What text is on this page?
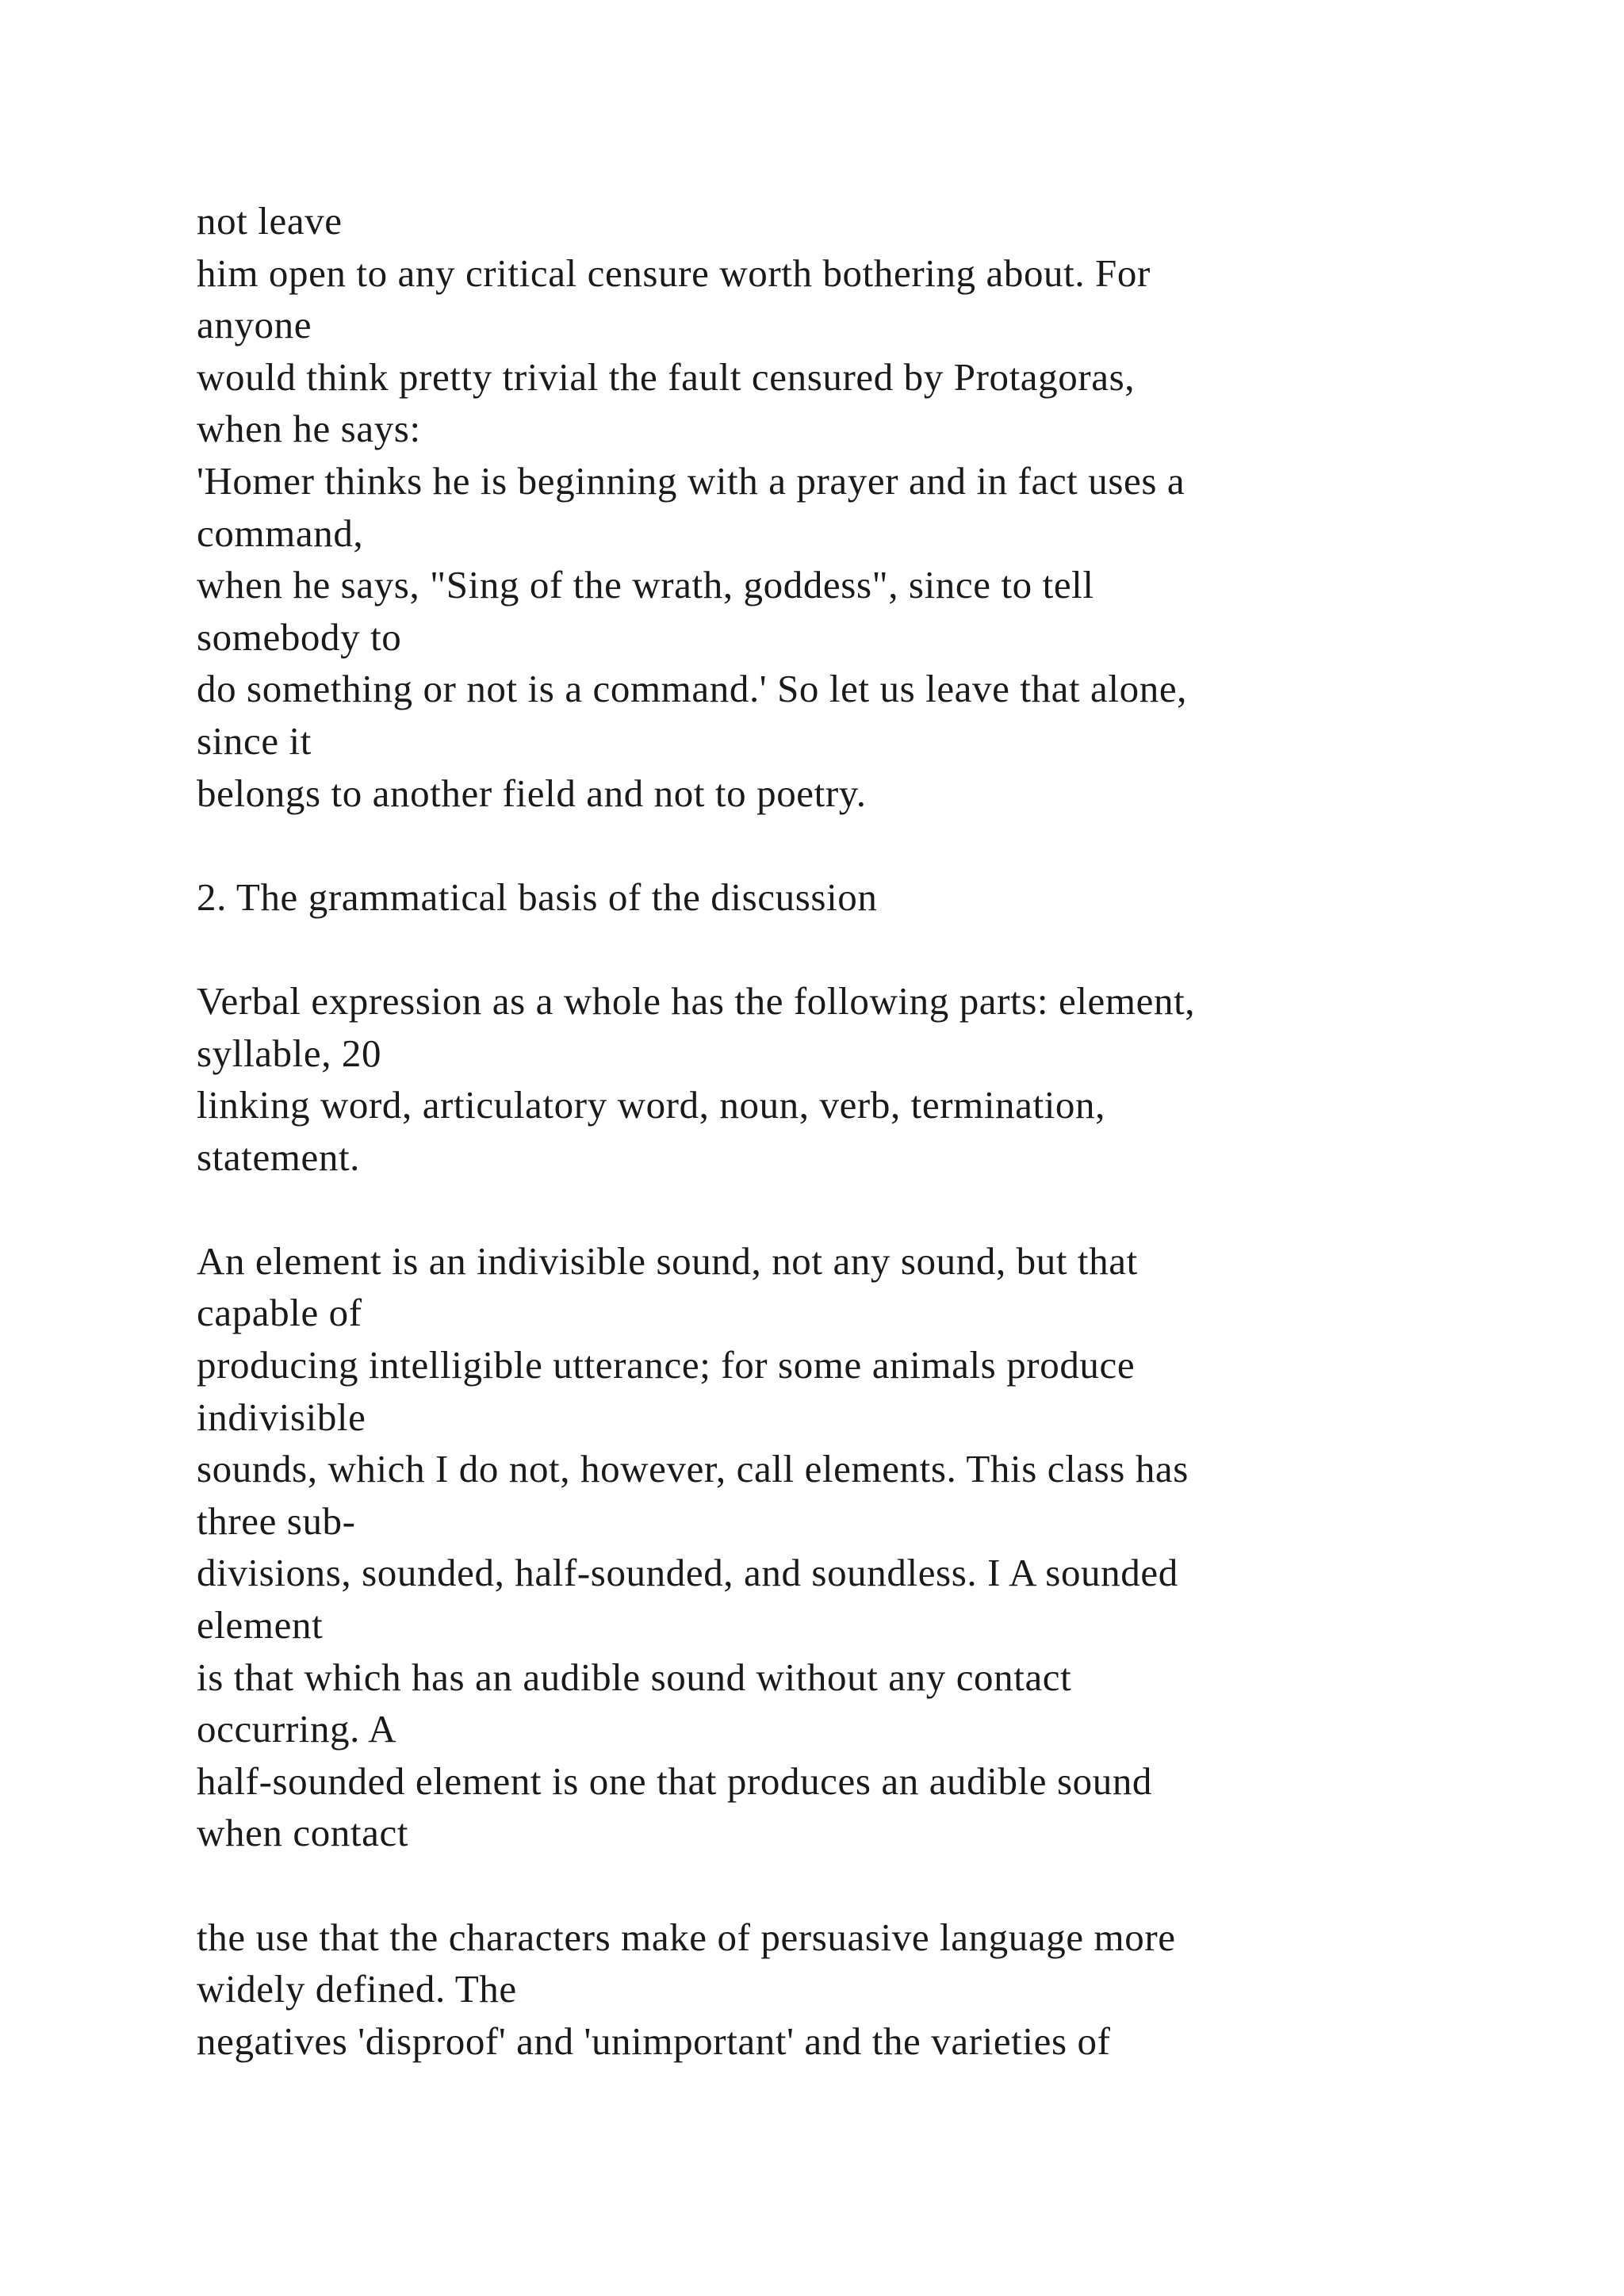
not leave
him open to any critical censure worth bothering about. For
anyone
would think pretty trivial the fault censured by Protagoras,
when he says:
'Homer thinks he is beginning with a prayer and in fact uses a
command,
when he says, "Sing of the wrath, goddess", since to tell
somebody to
do something or not is a command.' So let us leave that alone,
since it
belongs to another field and not to poetry.
2. The grammatical basis of the discussion
Verbal expression as a whole has the following parts: element,
syllable, 20
linking word, articulatory word, noun, verb, termination,
statement.
An element is an indivisible sound, not any sound, but that
capable of
producing intelligible utterance; for some animals produce
indivisible
sounds, which I do not, however, call elements. This class has
three sub-
divisions, sounded, half-sounded, and soundless. I A sounded
element
is that which has an audible sound without any contact
occurring. A
half-sounded element is one that produces an audible sound
when contact
the use that the characters make of persuasive language more
widely defined. The
negatives 'disproof' and 'unimportant' and the varieties of
